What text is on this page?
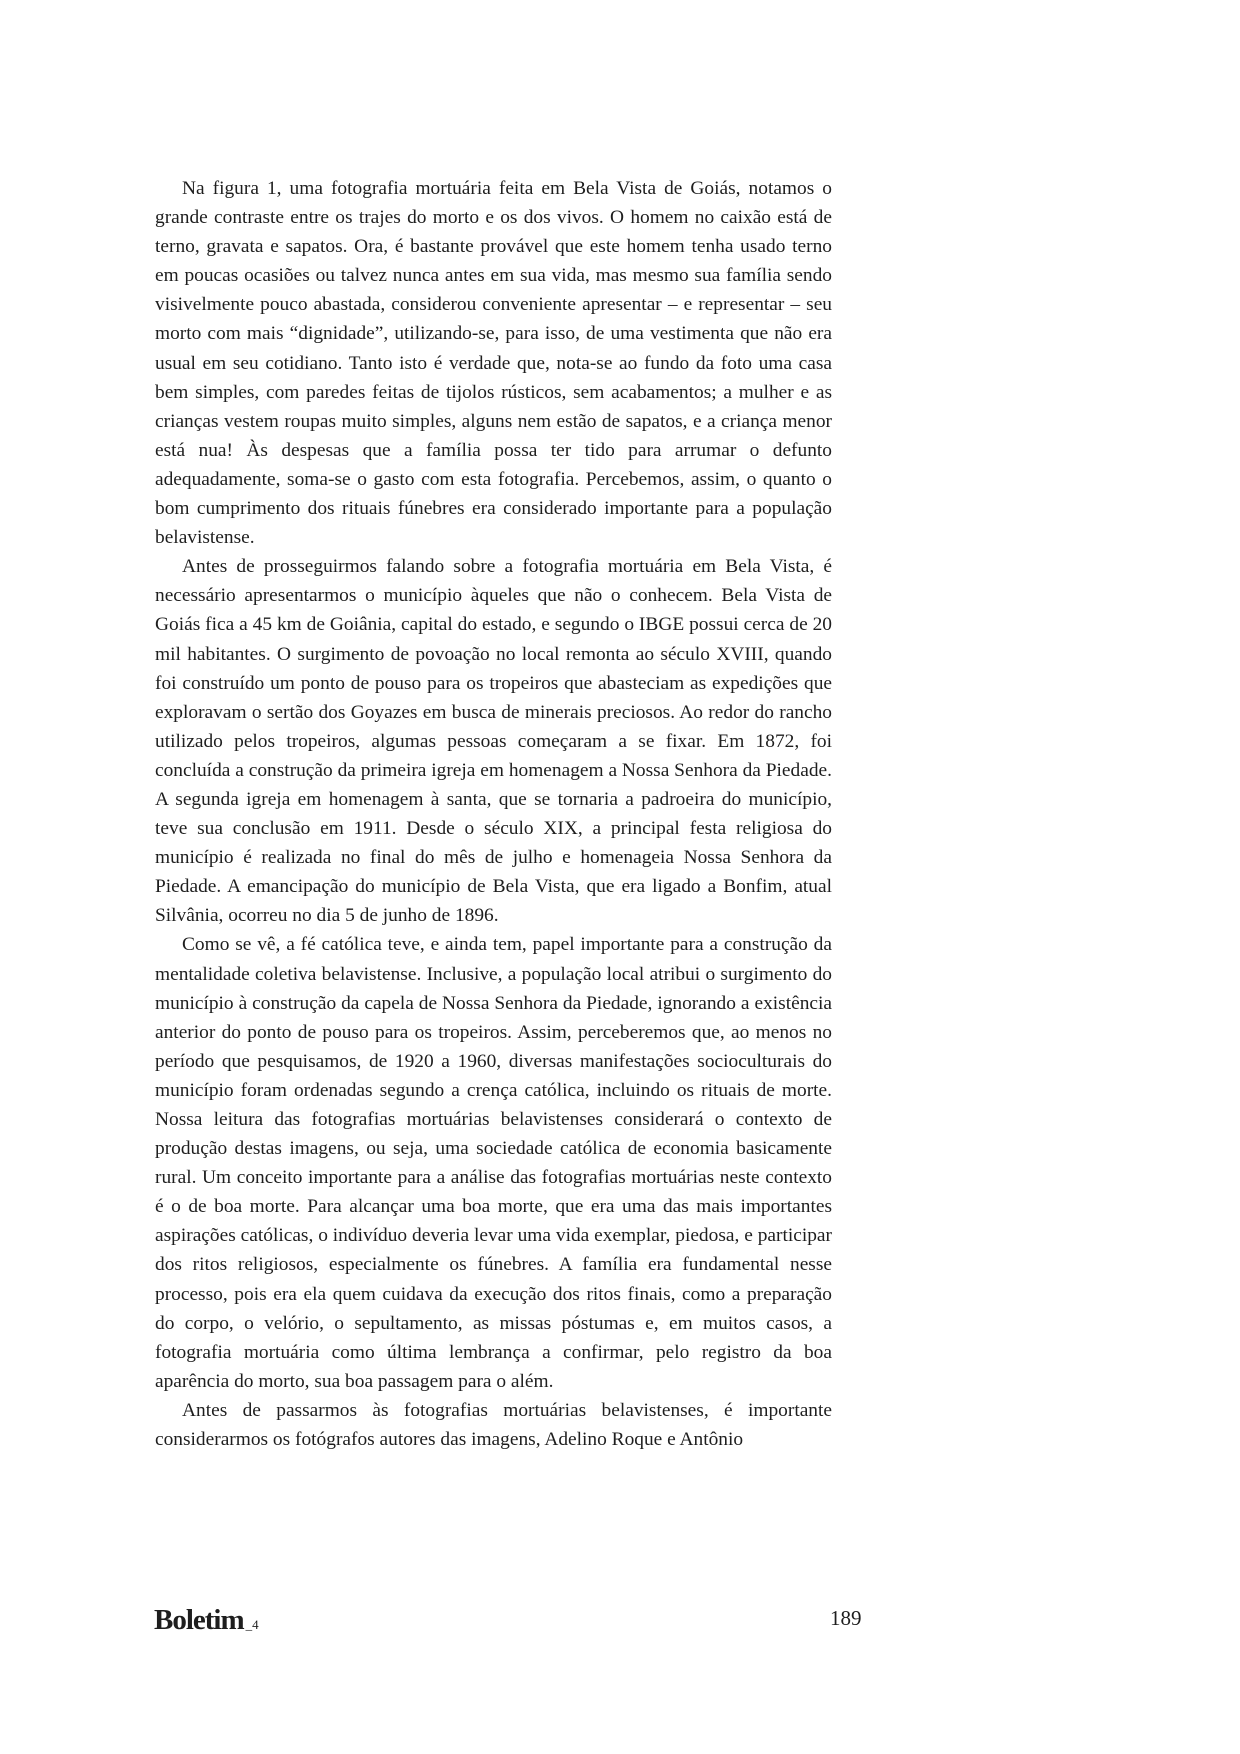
Na figura 1, uma fotografia mortuária feita em Bela Vista de Goiás, notamos o grande contraste entre os trajes do morto e os dos vivos. O homem no caixão está de terno, gravata e sapatos. Ora, é bastante provável que este homem tenha usado terno em poucas ocasiões ou talvez nunca antes em sua vida, mas mesmo sua família sendo visivelmente pouco abastada, considerou conveniente apresentar – e representar – seu morto com mais “dignidade”, utilizando-se, para isso, de uma vestimenta que não era usual em seu cotidiano. Tanto isto é verdade que, nota-se ao fundo da foto uma casa bem simples, com paredes feitas de tijolos rústicos, sem acabamentos; a mulher e as crianças vestem roupas muito simples, alguns nem estão de sapatos, e a criança menor está nua! Às despesas que a família possa ter tido para arrumar o defunto adequadamente, soma-se o gasto com esta fotografia. Percebemos, assim, o quanto o bom cumprimento dos rituais fúnebres era considerado importante para a população belavistense.

Antes de prosseguirmos falando sobre a fotografia mortuária em Bela Vista, é necessário apresentarmos o município àqueles que não o conhecem. Bela Vista de Goiás fica a 45 km de Goiânia, capital do estado, e segundo o IBGE possui cerca de 20 mil habitantes. O surgimento de povoação no local remonta ao século XVIII, quando foi construído um ponto de pouso para os tropeiros que abasteciam as expedições que exploravam o sertão dos Goyazes em busca de minerais preciosos. Ao redor do rancho utilizado pelos tropeiros, algumas pessoas começaram a se fixar. Em 1872, foi concluída a construção da primeira igreja em homenagem a Nossa Senhora da Piedade. A segunda igreja em homenagem à santa, que se tornaria a padroeira do município, teve sua conclusão em 1911. Desde o século XIX, a principal festa religiosa do município é realizada no final do mês de julho e homenageia Nossa Senhora da Piedade. A emancipação do município de Bela Vista, que era ligado a Bonfim, atual Silvânia, ocorreu no dia 5 de junho de 1896.

Como se vê, a fé católica teve, e ainda tem, papel importante para a construção da mentalidade coletiva belavistense. Inclusive, a população local atribui o surgimento do município à construção da capela de Nossa Senhora da Piedade, ignorando a existência anterior do ponto de pouso para os tropeiros. Assim, perceberemos que, ao menos no período que pesquisamos, de 1920 a 1960, diversas manifestações socioculturais do município foram ordenadas segundo a crença católica, incluindo os rituais de morte. Nossa leitura das fotografias mortuárias belavistenses considerará o contexto de produção destas imagens, ou seja, uma sociedade católica de economia basicamente rural. Um conceito importante para a análise das fotografias mortuárias neste contexto é o de boa morte. Para alcançar uma boa morte, que era uma das mais importantes aspirações católicas, o indivíduo deveria levar uma vida exemplar, piedosa, e participar dos ritos religiosos, especialmente os fúnebres. A família era fundamental nesse processo, pois era ela quem cuidava da execução dos ritos finais, como a preparação do corpo, o velório, o sepultamento, as missas póstumas e, em muitos casos, a fotografia mortuária como última lembrança a confirmar, pelo registro da boa aparência do morto, sua boa passagem para o além.

Antes de passarmos às fotografias mortuárias belavistenses, é importante considerarmos os fotógrafos autores das imagens, Adelino Roque e Antônio

Boletim _4	189
